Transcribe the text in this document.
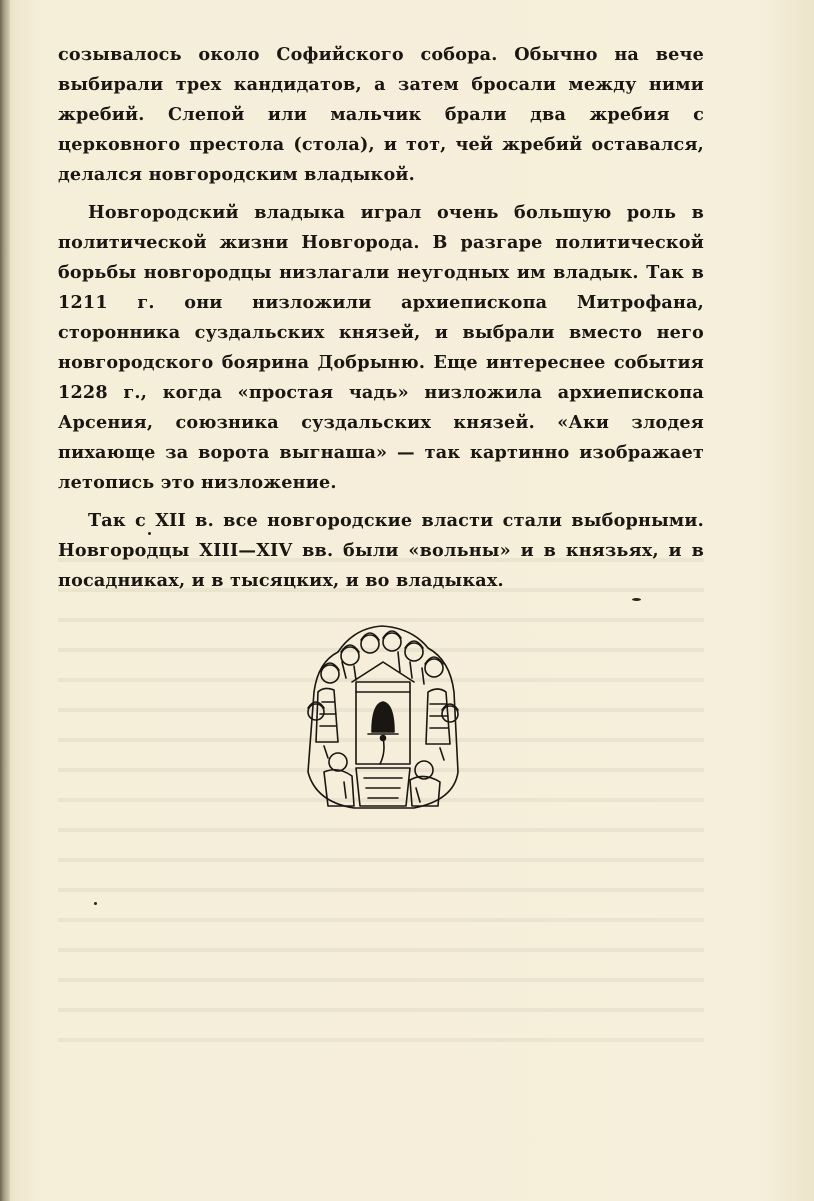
созывалось около Софийского собора. Обычно на вече выбирали трех кандидатов, а затем бросали между ними жребий. Слепой или мальчик брали два жребия с церковного престола (стола), и тот, чей жребий оставался, делался новгородским владыкой.

Новгородский владыка играл очень большую роль в политической жизни Новгорода. В разгаре политической борьбы новгородцы низлагали неугодных им владык. Так в 1211 г. они низложили архиепископа Митрофана, сторонника суздальских князей, и выбрали вместо него новгородского боярина Добрыню. Еще интереснее события 1228 г., когда «простая чадь» низложила архиепископа Арсения, союзника суздальских князей. «Аки злодея пихающе за ворота выгнаша» — так картинно изображает летопись это низложение.

Так с XII в. все новгородские власти стали выборными. Новгородцы XIII—XIV вв. были «вольны» и в князьях, и в посадниках, и в тысяцких, и во владыках.
